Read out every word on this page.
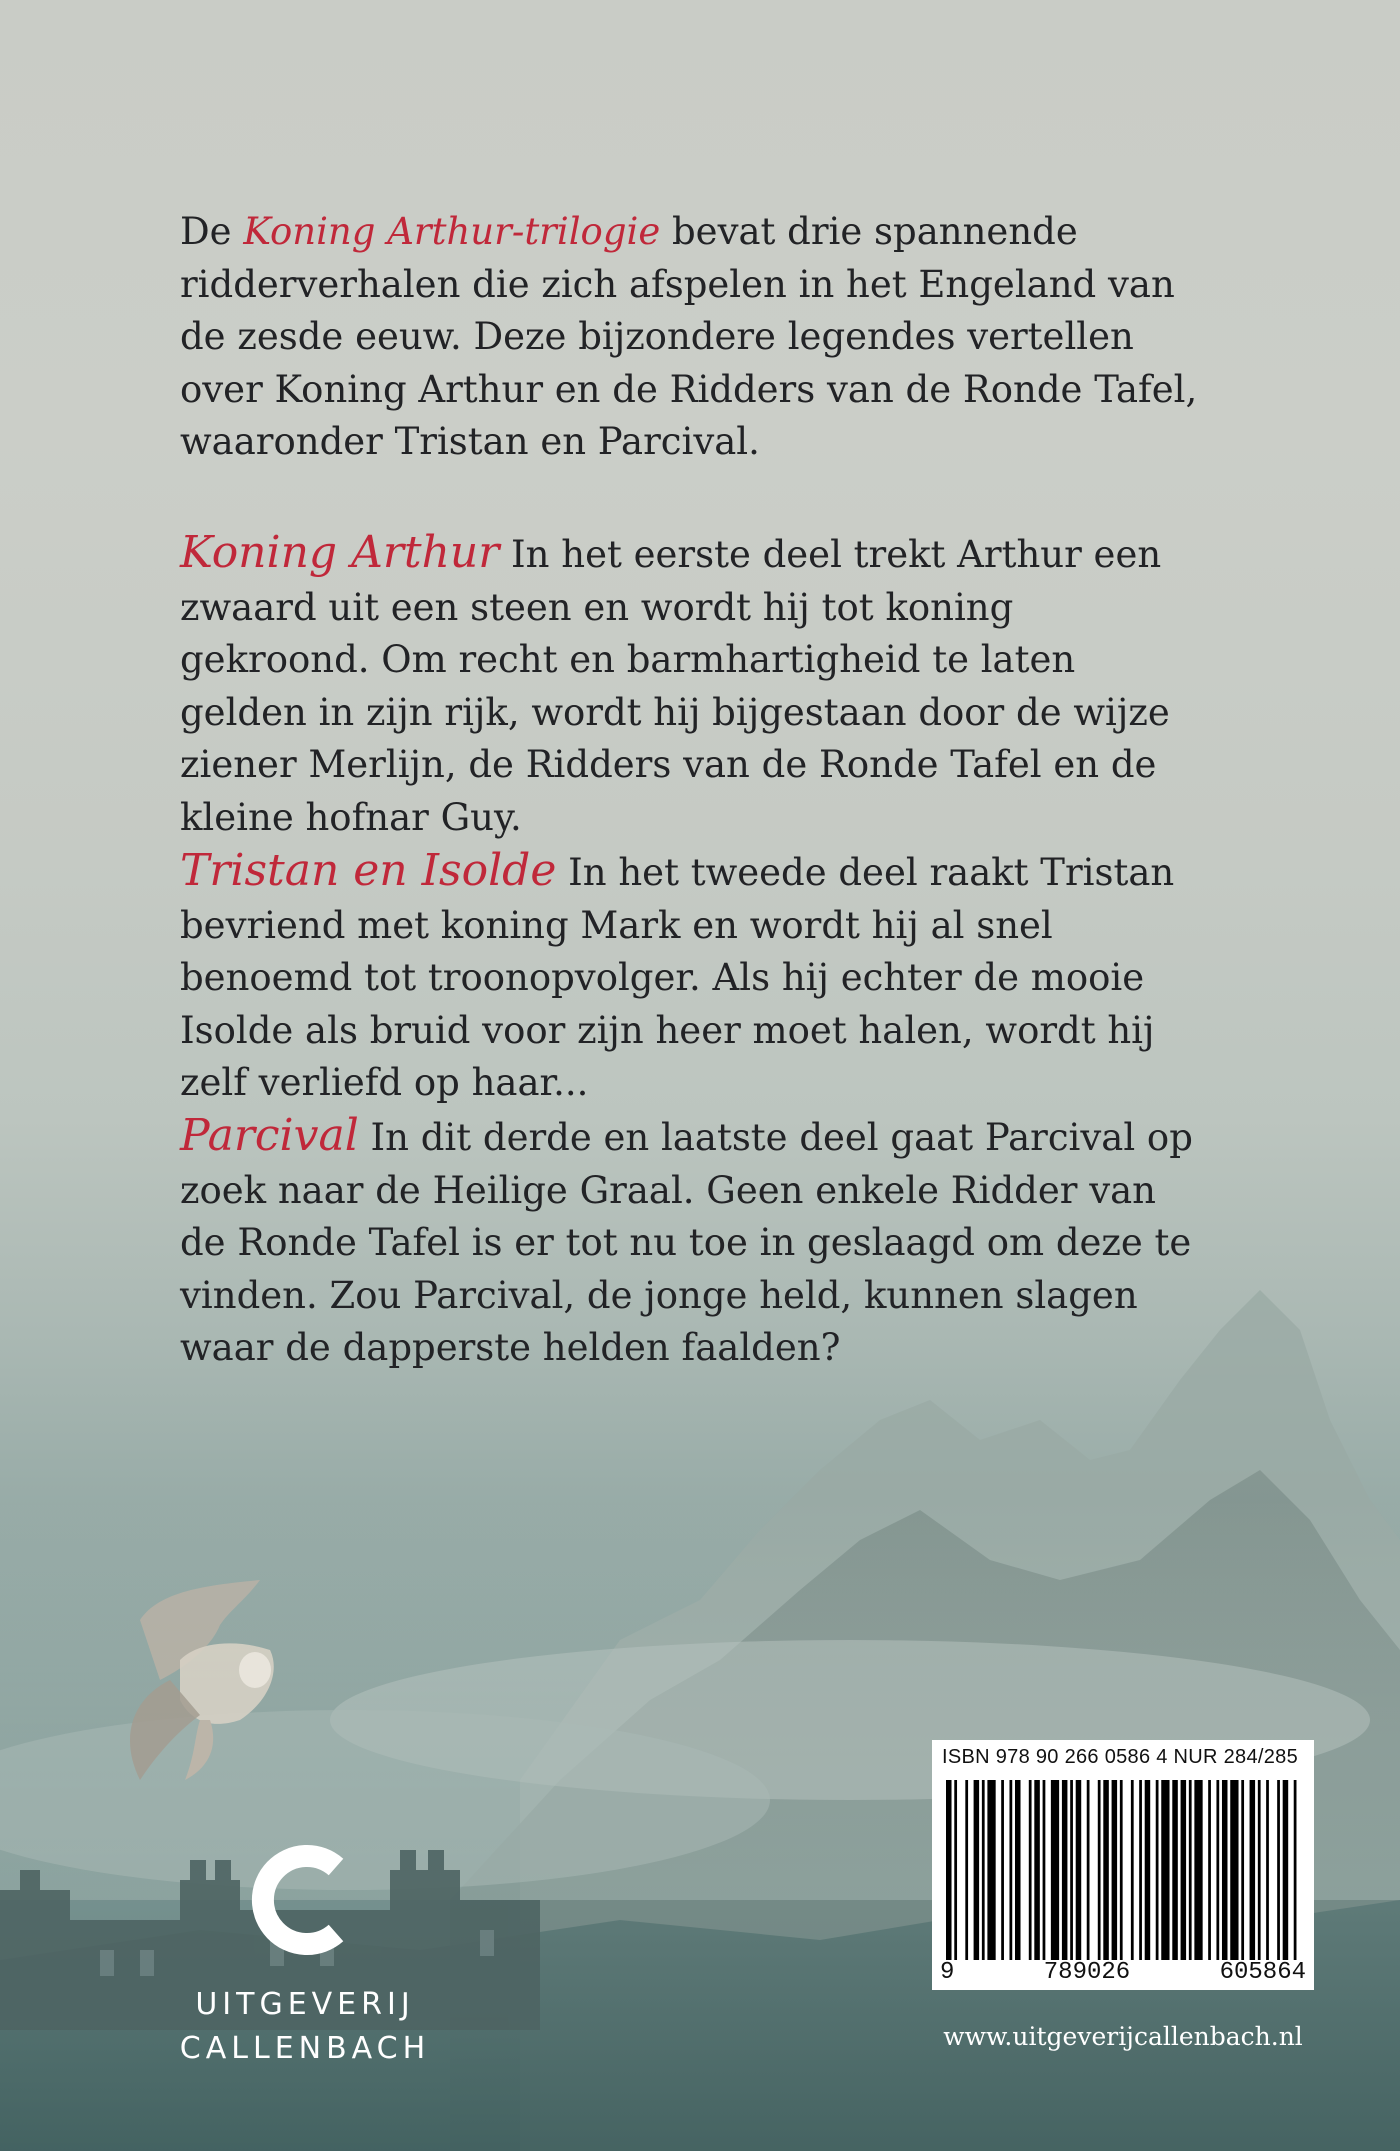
De Koning Arthur-trilogie bevat drie spannende ridderverhalen die zich afspelen in het Engeland van de zesde eeuw. Deze bijzondere legendes vertellen over Koning Arthur en de Ridders van de Ronde Tafel, waaronder Tristan en Parcival.

Koning Arthur In het eerste deel trekt Arthur een zwaard uit een steen en wordt hij tot koning gekroond. Om recht en barmhartigheid te laten gelden in zijn rijk, wordt hij bijgestaan door de wijze ziener Merlijn, de Ridders van de Ronde Tafel en de kleine hofnar Guy.

Tristan en Isolde In het tweede deel raakt Tristan bevriend met koning Mark en wordt hij al snel benoemd tot troonopvolger. Als hij echter de mooie Isolde als bruid voor zijn heer moet halen, wordt hij zelf verliefd op haar...

Parcival In dit derde en laatste deel gaat Parcival op zoek naar de Heilige Graal. Geen enkele Ridder van de Ronde Tafel is er tot nu toe in geslaagd om deze te vinden. Zou Parcival, de jonge held, kunnen slagen waar de dapperste helden faalden?

UITGEVERIJ
CALLENBACH
ISBN 978 90 266 0586 4 NUR 284/285
9	789026	605864
www.uitgeverijcallenbach.nl
